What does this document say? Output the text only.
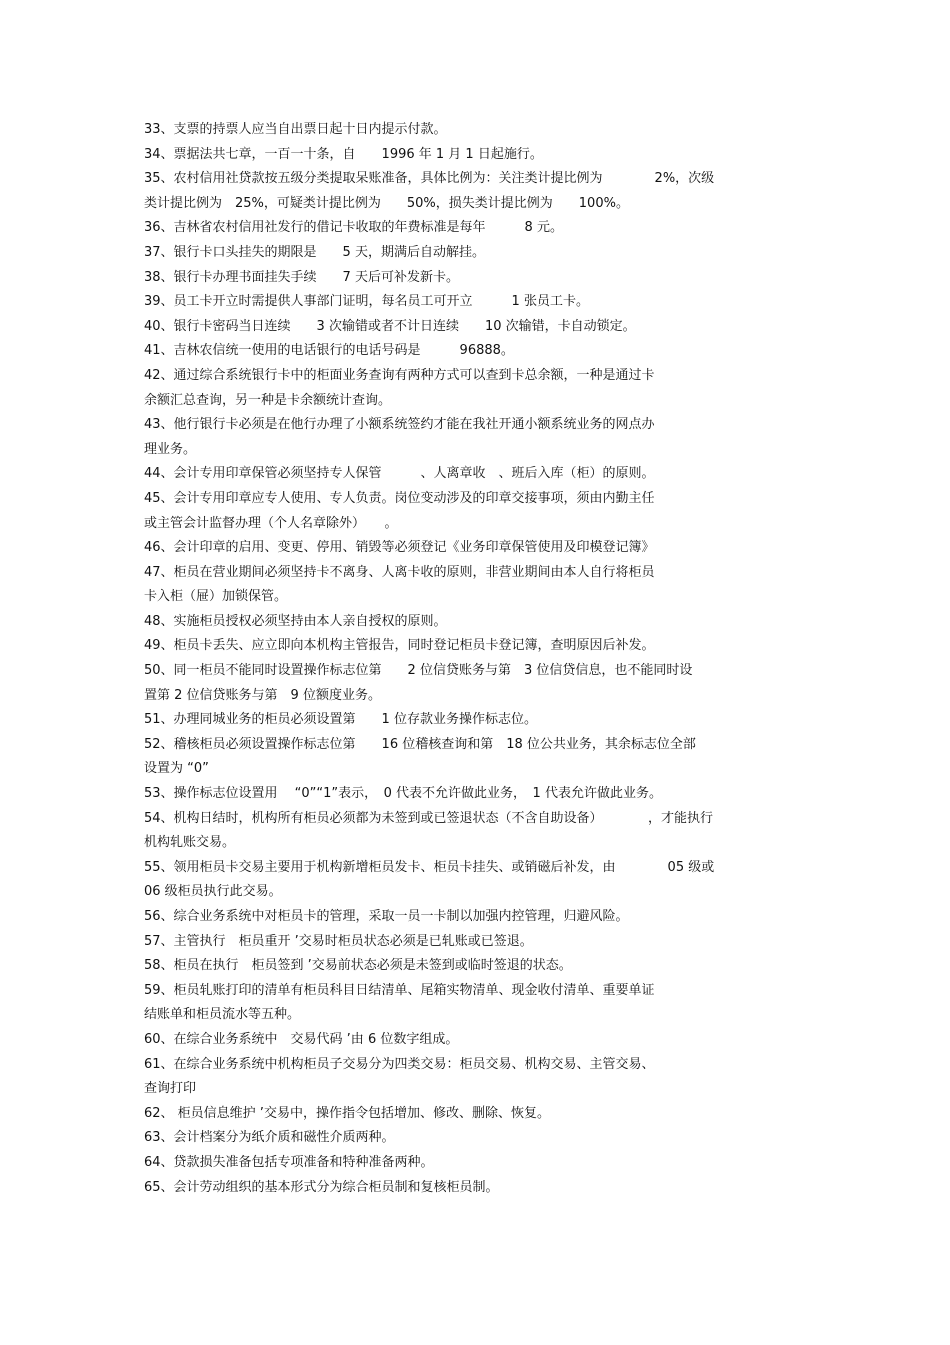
33、支票的持票人应当自出票日起十日内提示付款。
34、票据法共七章，一百一十条，自　　1996 年 1 月 1 日起施行。
35、农村信用社贷款按五级分类提取呆账准备，具体比例为：关注类计提比例为　　　　2%，次级
类计提比例为　25%，可疑类计提比例为　　50%，损失类计提比例为　　100%。
36、吉林省农村信用社发行的借记卡收取的年费标准是每年　　　8 元。
37、银行卡口头挂失的期限是　　5 天，期满后自动解挂。
38、银行卡办理书面挂失手续　　7 天后可补发新卡。
39、员工卡开立时需提供人事部门证明，每名员工可开立　　　1 张员工卡。
40、银行卡密码当日连续　　3 次输错或者不计日连续　　10 次输错，卡自动锁定。
41、吉林农信统一使用的电话银行的电话号码是　　　96888。
42、通过综合系统银行卡中的柜面业务查询有两种方式可以查到卡总余额，一种是通过卡
余额汇总查询，另一种是卡余额统计查询。
43、他行银行卡必须是在他行办理了小额系统签约才能在我社开通小额系统业务的网点办
理业务。
44、会计专用印章保管必须坚持专人保管　　　、人离章收　、班后入库（柜）的原则。
45、会计专用印章应专人使用、专人负责。岗位变动涉及的印章交接事项，须由内勤主任
或主管会计监督办理（个人名章除外）　　。
46、会计印章的启用、变更、停用、销毁等必须登记《业务印章保管使用及印模登记簿》
47、柜员在营业期间必须坚持卡不离身、人离卡收的原则，非营业期间由本人自行将柜员
卡入柜（屉）加锁保管。
48、实施柜员授权必须坚持由本人亲自授权的原则。
49、柜员卡丢失、应立即向本机构主管报告，同时登记柜员卡登记簿，查明原因后补发。
50、同一柜员不能同时设置操作标志位第　　2 位信贷账务与第　3 位信贷信息，也不能同时设
置第 2 位信贷账务与第　9 位额度业务。
51、办理同城业务的柜员必须设置第　　1 位存款业务操作标志位。
52、稽核柜员必须设置操作标志位第　　16 位稽核查询和第　18 位公共业务，其余标志位全部
设置为 “0”
53、操作标志位设置用　 “0”“1”表示，　0 代表不允许做此业务，　1 代表允许做此业务。
54、机构日结时，机构所有柜员必须都为未签到或已签退状态（不含自助设备）　　　　，才能执行
机构轧账交易。
55、领用柜员卡交易主要用于机构新增柜员发卡、柜员卡挂失、或销磁后补发，由　　　　05 级或
06 级柜员执行此交易。
56、综合业务系统中对柜员卡的管理，采取一员一卡制以加强内控管理，归避风险。
57、主管执行　柜员重开 ’交易时柜员状态必须是已轧账或已签退。
58、柜员在执行　柜员签到 ’交易前状态必须是未签到或临时签退的状态。
59、柜员轧账打印的清单有柜员科目日结清单、尾箱实物清单、现金收付清单、重要单证
结账单和柜员流水等五种。
60、在综合业务系统中　交易代码 ’由 6 位数字组成。
61、在综合业务系统中机构柜员子交易分为四类交易：柜员交易、机构交易、主管交易、
查询打印
62、 柜员信息维护 ’交易中，操作指令包括增加、修改、删除、恢复。
63、会计档案分为纸介质和磁性介质两种。
64、贷款损失准备包括专项准备和特种准备两种。
65、会计劳动组织的基本形式分为综合柜员制和复核柜员制。
